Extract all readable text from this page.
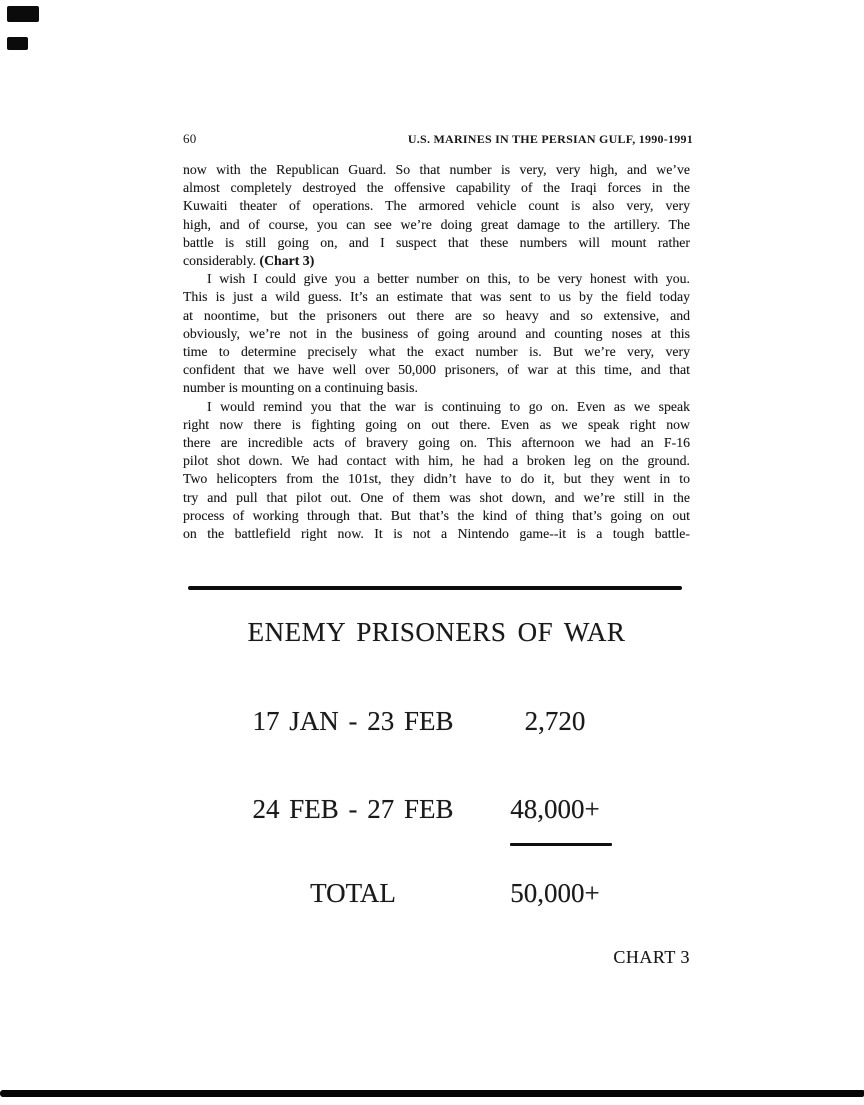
60	U.S. MARINES IN THE PERSIAN GULF, 1990-1991
now with the Republican Guard. So that number is very, very high, and we’ve
almost completely destroyed the offensive capability of the Iraqi forces in the
Kuwaiti theater of operations. The armored vehicle count is also very, very
high, and of course, you can see we’re doing great damage to the artillery. The
battle is still going on, and I suspect that these numbers will mount rather
considerably. (Chart 3)
I wish I could give you a better number on this, to be very honest with you.
This is just a wild guess. It’s an estimate that was sent to us by the field today
at noontime, but the prisoners out there are so heavy and so extensive, and
obviously, we’re not in the business of going around and counting noses at this
time to determine precisely what the exact number is. But we’re very, very
confident that we have well over 50,000 prisoners, of war at this time, and that
number is mounting on a continuing basis.
I would remind you that the war is continuing to go on. Even as we speak
right now there is fighting going on out there. Even as we speak right now
there are incredible acts of bravery going on. This afternoon we had an F-16
pilot shot down. We had contact with him, he had a broken leg on the ground.
Two helicopters from the 101st, they didn’t have to do it, but they went in to
try and pull that pilot out. One of them was shot down, and we’re still in the
process of working through that. But that’s the kind of thing that’s going on out
on the battlefield right now. It is not a Nintendo game--it is a tough battle-
ENEMY PRISONERS OF WAR
17 JAN - 23 FEB	2,720
24 FEB - 27 FEB	48,000+
TOTAL	50,000+
CHART 3
